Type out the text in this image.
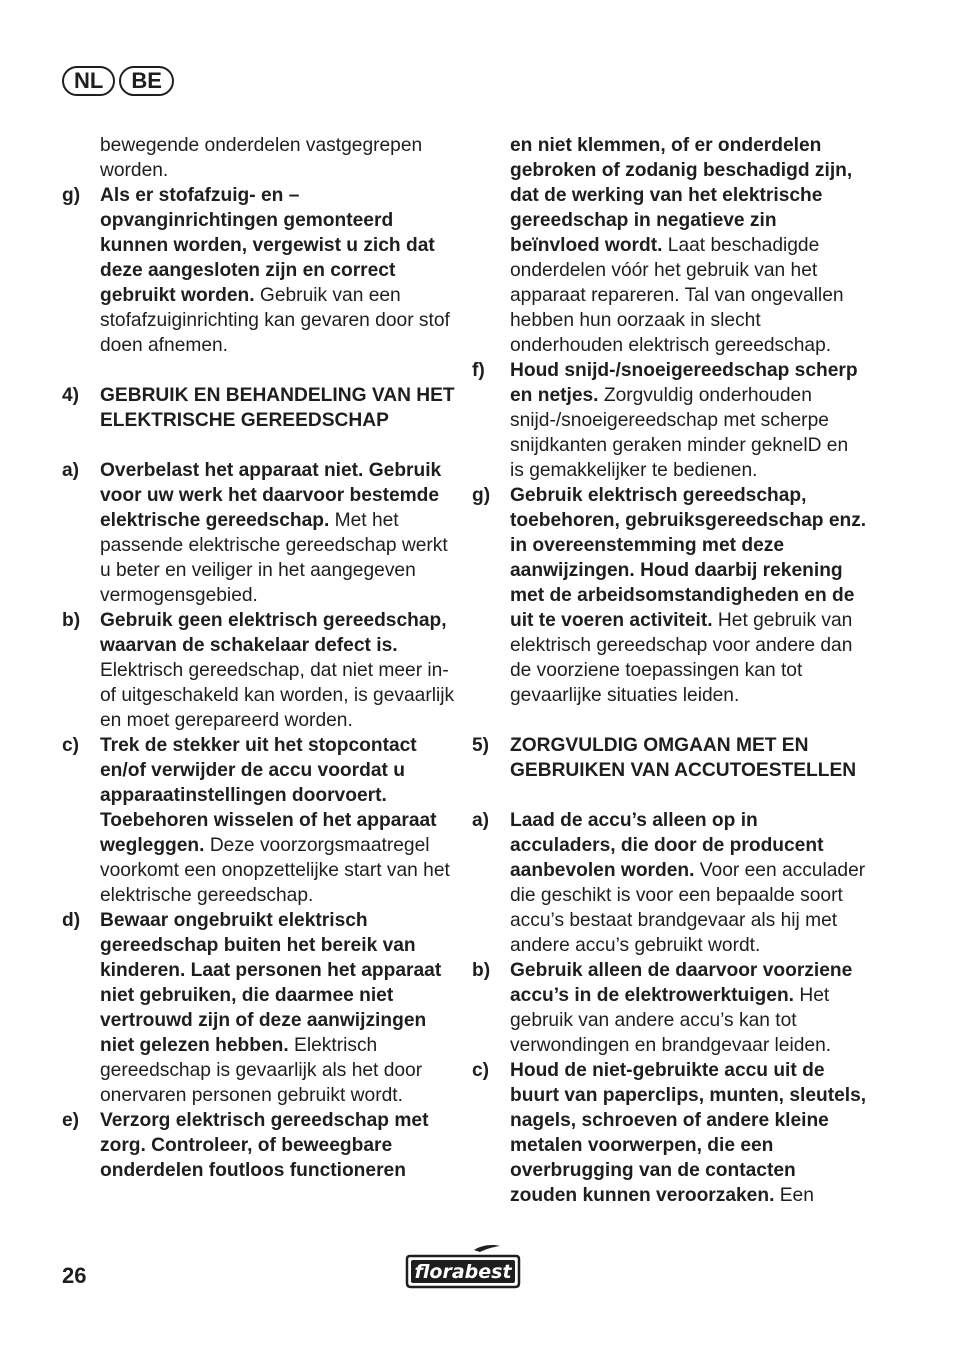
NL	BE
bewegende onderdelen vastgegrepen worden.
g) Als er stofafzuig- en –opvanginrichtingen gemonteerd kunnen worden, vergewist u zich dat deze aangesloten zijn en correct gebruikt worden. Gebruik van een stofafzuiginrichting kan gevaren door stof doen afnemen.
4) GEBRUIK EN BEHANDELING VAN HET ELEKTRISCHE GEREEDSCHAP
a) Overbelast het apparaat niet. Gebruik voor uw werk het daarvoor bestemde elektrische gereedschap. Met het passende elektrische gereedschap werkt u beter en veiliger in het aangegeven vermogensgebied.
b) Gebruik geen elektrisch gereedschap, waarvan de schakelaar defect is. Elektrisch gereedschap, dat niet meer in- of uitgeschakeld kan worden, is gevaarlijk en moet gerepareerd worden.
c) Trek de stekker uit het stopcontact en/of verwijder de accu voordat u apparaatinstellingen doorvoert. Toebehoren wisselen of het apparaat wegleggen. Deze voorzorgsmaatregel voorkomt een onopzettelijke start van het elektrische gereedschap.
d) Bewaar ongebruikt elektrisch gereedschap buiten het bereik van kinderen. Laat personen het apparaat niet gebruiken, die daarmee niet vertrouwd zijn of deze aanwijzingen niet gelezen hebben. Elektrisch gereedschap is gevaarlijk als het door onervaren personen gebruikt wordt.
e) Verzorg elektrisch gereedschap met zorg. Controleer, of beweegbare onderdelen foutloos functioneren
en niet klemmen, of er onderdelen gebroken of zodanig beschadigd zijn, dat de werking van het elektrische gereedschap in negatieve zin beïnvloed wordt. Laat beschadigde onderdelen vóór het gebruik van het apparaat repareren. Tal van ongevallen hebben hun oorzaak in slecht onderhouden elektrisch gereedschap.
f) Houd snijd-/snoeigereedschap scherp en netjes. Zorgvuldig onderhouden snijd-/snoeigereedschap met scherpe snijdkanten geraken minder geknelD en is gemakkelijker te bedienen.
g) Gebruik elektrisch gereedschap, toebehoren, gebruiksgereedschap enz. in overeenstemming met deze aanwijzingen. Houd daarbij rekening met de arbeidsomstandigheden en de uit te voeren activiteit. Het gebruik van elektrisch gereedschap voor andere dan de voorziene toepassingen kan tot gevaarlijke situaties leiden.
5) ZORGVULDIG OMGAAN MET EN GEBRUIKEN VAN ACCUTOESTELLEN
a) Laad de accu’s alleen op in acculaders, die door de producent aanbevolen worden. Voor een acculader die geschikt is voor een bepaalde soort accu’s bestaat brandgevaar als hij met andere accu’s gebruikt wordt.
b) Gebruik alleen de daarvoor voorziene accu’s in de elektrowerktuigen. Het gebruik van andere accu’s kan tot verwondingen en brandgevaar leiden.
c) Houd de niet-gebruikte accu uit de buurt van paperclips, munten, sleutels, nagels, schroeven of andere kleine metalen voorwerpen, die een overbrugging van de contacten zouden kunnen veroorzaken. Een
26	florabest
